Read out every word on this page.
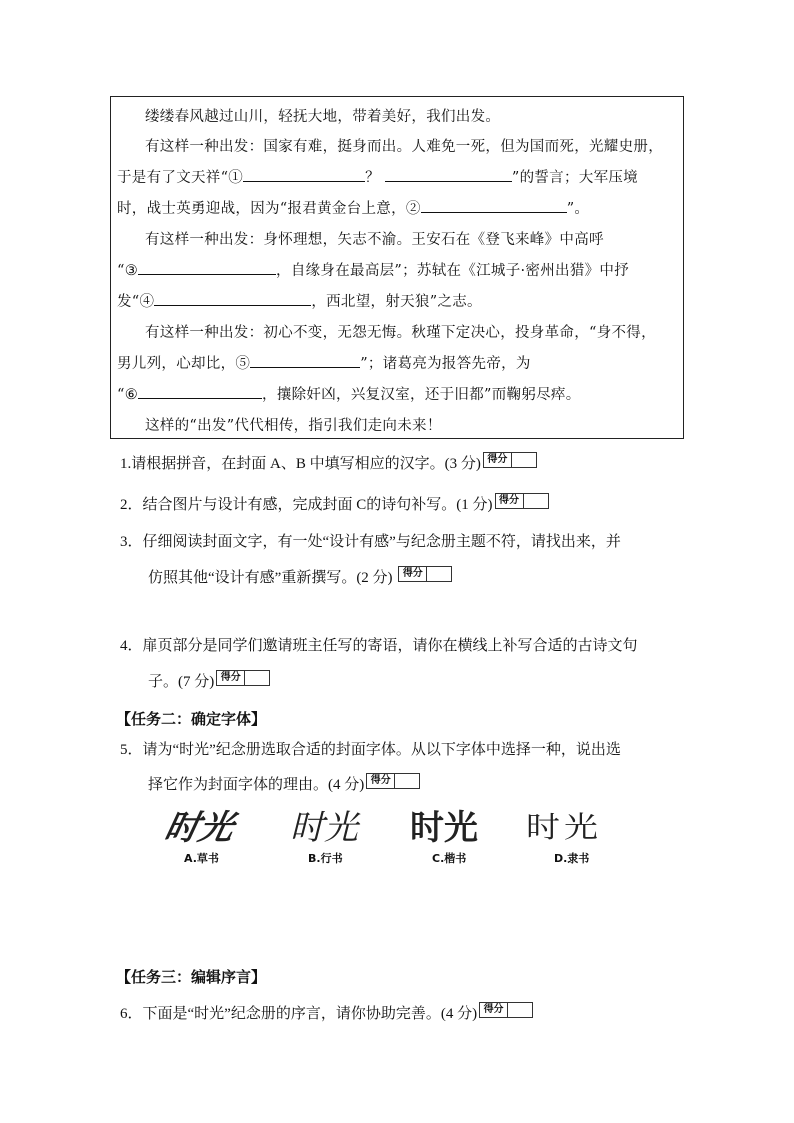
缕缕春风越过山川，轻抚大地，带着美好，我们出发。
有这样一种出发：国家有难，挺身而出。人难免一死，但为国而死，光耀史册，
于是有了文天祥“①	？	”的誓言；大军压境
时，战士英勇迎战，因为“报君黄金台上意，②	”。
有这样一种出发：身怀理想，矢志不渝。王安石在《登飞来峰》中高呼
“③	，自缘身在最高层”；苏轼在《江城子·密州出猎》中抒
发“④	，西北望，射天狼”之志。
有这样一种出发：初心不变，无怨无悔。秋瑾下定决心，投身革命，“身不得，
男儿列，心却比，⑤	”；诸葛亮为报答先帝，为
“⑥	，攘除奸凶，兴复汉室，还于旧都”而鞠躬尽瘁。
这样的“出发”代代相传，指引我们走向未来！
1.请根据拼音，在封面 A、B 中填写相应的汉字。(3 分) 得分
2．结合图片与设计有感，完成封面 C的诗句补写。(1 分) 得分
3．仔细阅读封面文字，有一处“设计有感”与纪念册主题不符，请找出来，并
仿照其他“设计有感”重新撰写。(2 分)	得分
4．扉页部分是同学们邀请班主任写的寄语，请你在横线上补写合适的古诗文句
子。(7 分) 得分
【任务二：确定字体】
5．请为“时光”纪念册选取合适的封面字体。从以下字体中选择一种，说出选
择它作为封面字体的理由。(4 分) 得分
时光
A.草书
时光
B.行书
时光
C.楷书
时光
D.隶书
【任务三：编辑序言】
6．下面是“时光”纪念册的序言，请你协助完善。(4 分) 得分
